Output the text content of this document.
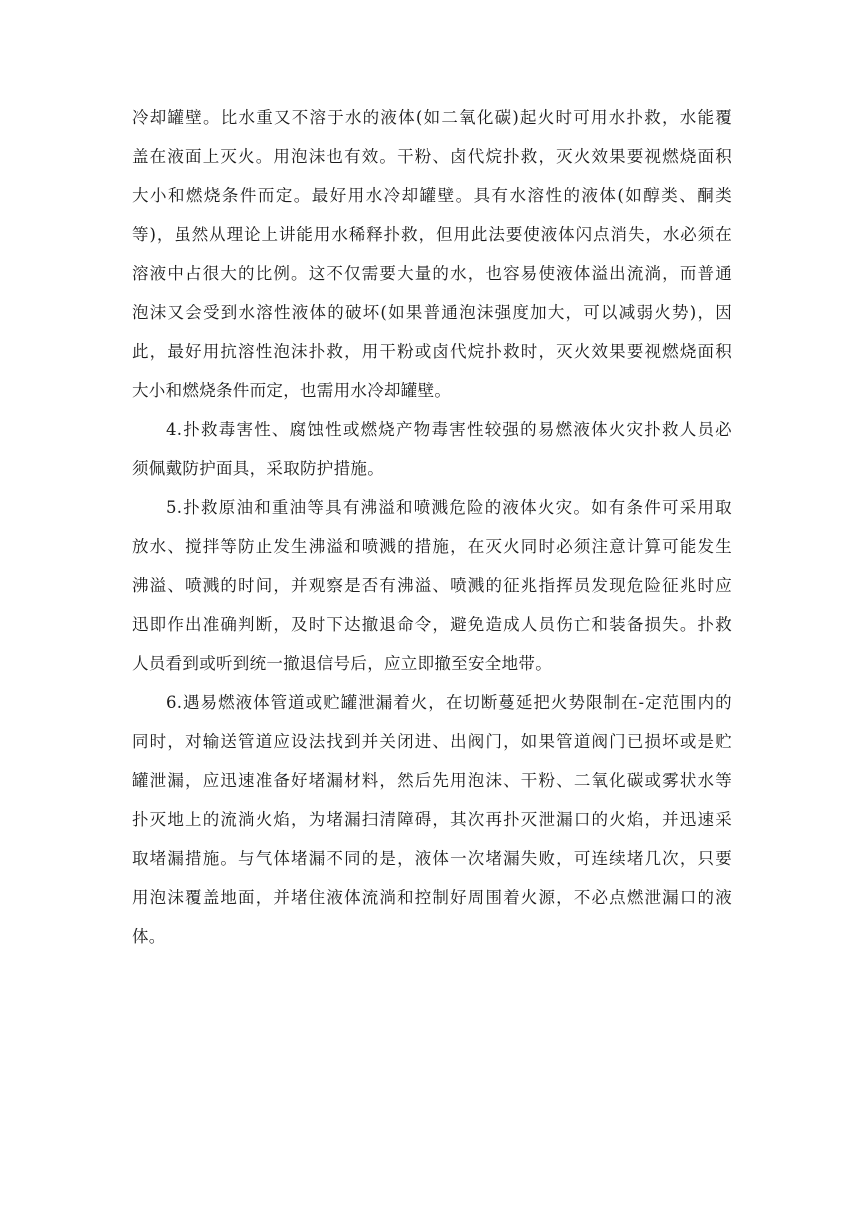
冷却罐壁。比水重又不溶于水的液体(如二氧化碳)起火时可用水扑救，水能覆
盖在液面上灭火。用泡沫也有效。干粉、卤代烷扑救，灭火效果要视燃烧面积
大小和燃烧条件而定。最好用水冷却罐壁。具有水溶性的液体(如醇类、酮类
等)，虽然从理论上讲能用水稀释扑救，但用此法要使液体闪点消失，水必须在
溶液中占很大的比例。这不仅需要大量的水，也容易使液体溢出流淌，而普通
泡沫又会受到水溶性液体的破坏(如果普通泡沫强度加大，可以减弱火势)，因
此，最好用抗溶性泡沫扑救，用干粉或卤代烷扑救时，灭火效果要视燃烧面积
大小和燃烧条件而定，也需用水冷却罐壁。
4.扑救毒害性、腐蚀性或燃烧产物毒害性较强的易燃液体火灾扑救人员必
须佩戴防护面具，采取防护措施。
5.扑救原油和重油等具有沸溢和喷溅危险的液体火灾。如有条件可采用取
放水、搅拌等防止发生沸溢和喷溅的措施，在灭火同时必须注意计算可能发生
沸溢、喷溅的时间，并观察是否有沸溢、喷溅的征兆指挥员发现危险征兆时应
迅即作出准确判断，及时下达撤退命令，避免造成人员伤亡和装备损失。扑救
人员看到或听到统一撤退信号后，应立即撤至安全地带。
6.遇易燃液体管道或贮罐泄漏着火，在切断蔓延把火势限制在-定范围内的
同时，对输送管道应设法找到并关闭进、出阀门，如果管道阀门已损坏或是贮
罐泄漏，应迅速准备好堵漏材料，然后先用泡沫、干粉、二氧化碳或雾状水等
扑灭地上的流淌火焰，为堵漏扫清障碍，其次再扑灭泄漏口的火焰，并迅速采
取堵漏措施。与气体堵漏不同的是，液体一次堵漏失败，可连续堵几次，只要
用泡沫覆盖地面，并堵住液体流淌和控制好周围着火源，不必点燃泄漏口的液
体。
